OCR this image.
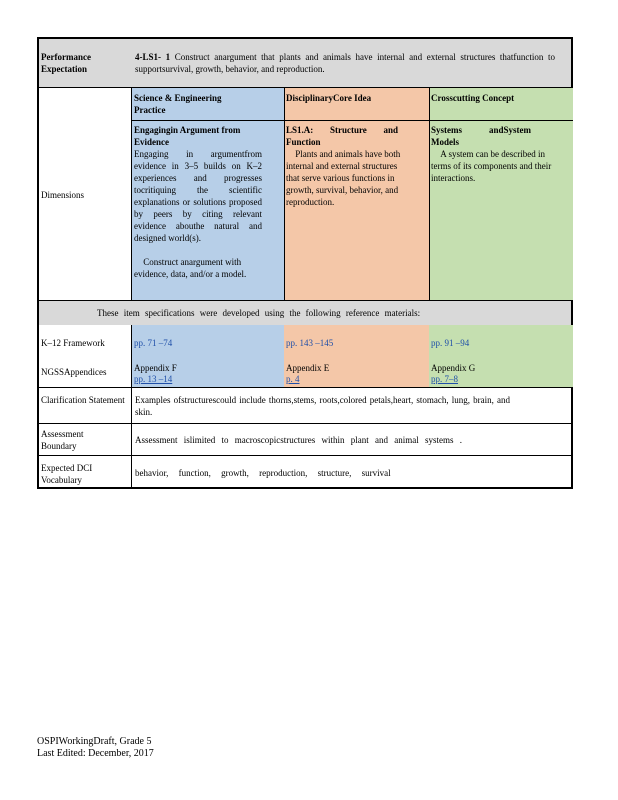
Performance Expectation
4-LS1- 1 Construct anargument that plants and animals have internal and external structures thatfunction to supportsurvival, growth, behavior, and reproduction.
Dimensions
Science & Engineering Practice
Engagingin Argument from Evidence
Engaging in argumentfrom evidence in 3–5 builds on K–2 experiences and progresses tocritiquing the scientific explanations or solutions proposed by peers by citing relevant evidence abouthe natural and designed world(s).
Construct anargument with evidence, data, and/or a model.
DisciplinaryCore Idea
LS1.A: Structure and Function
Plants and animals have both internal and external structures that serve various functions in growth, survival, behavior, and reproduction.
Crosscutting Concept
Systems andSystem Models
A system can be described in terms of its components and their interactions.
These item specifications were developed using the following reference materials:
K–12 Framework
NGSSAppendices
pp. 71 –74
Appendix F
pp. 13 –14
pp. 143 –145
Appendix E
p. 4
pp. 91 –94
Appendix G
pp. 7–8
Clarification Statement Examples ofstructurescould include thorns,stems, roots,colored petals,heart, stomach, lung, brain, and skin.
Assessment Boundary
Assessment islimited to macroscopicstructures within plant and animal systems .
Expected DCI Vocabulary
behavior, function, growth, reproduction, structure, survival
OSPIWorkingDraft, Grade 5
Last Edited: December, 2017
